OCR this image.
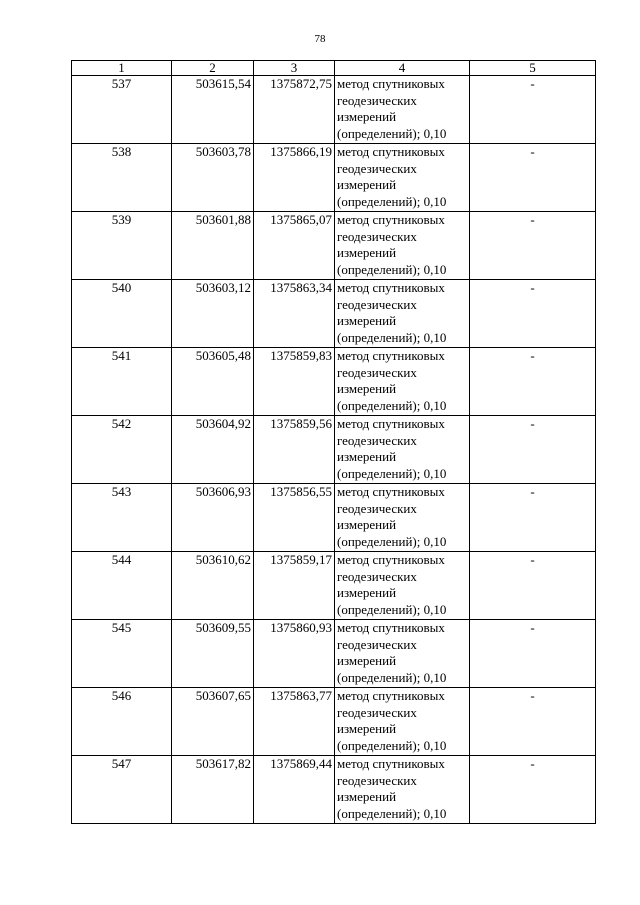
78
1	2	3	4	5
537	503615,54	1375872,75	метод спутниковых
геодезических
измерений
(определений); 0,10	-
538	503603,78	1375866,19	метод спутниковых
геодезических
измерений
(определений); 0,10	-
539	503601,88	1375865,07	метод спутниковых
геодезических
измерений
(определений); 0,10	-
540	503603,12	1375863,34	метод спутниковых
геодезических
измерений
(определений); 0,10	-
541	503605,48	1375859,83	метод спутниковых
геодезических
измерений
(определений); 0,10	-
542	503604,92	1375859,56	метод спутниковых
геодезических
измерений
(определений); 0,10	-
543	503606,93	1375856,55	метод спутниковых
геодезических
измерений
(определений); 0,10	-
544	503610,62	1375859,17	метод спутниковых
геодезических
измерений
(определений); 0,10	-
545	503609,55	1375860,93	метод спутниковых
геодезических
измерений
(определений); 0,10	-
546	503607,65	1375863,77	метод спутниковых
геодезических
измерений
(определений); 0,10	-
547	503617,82	1375869,44	метод спутниковых
геодезических
измерений
(определений); 0,10	-
